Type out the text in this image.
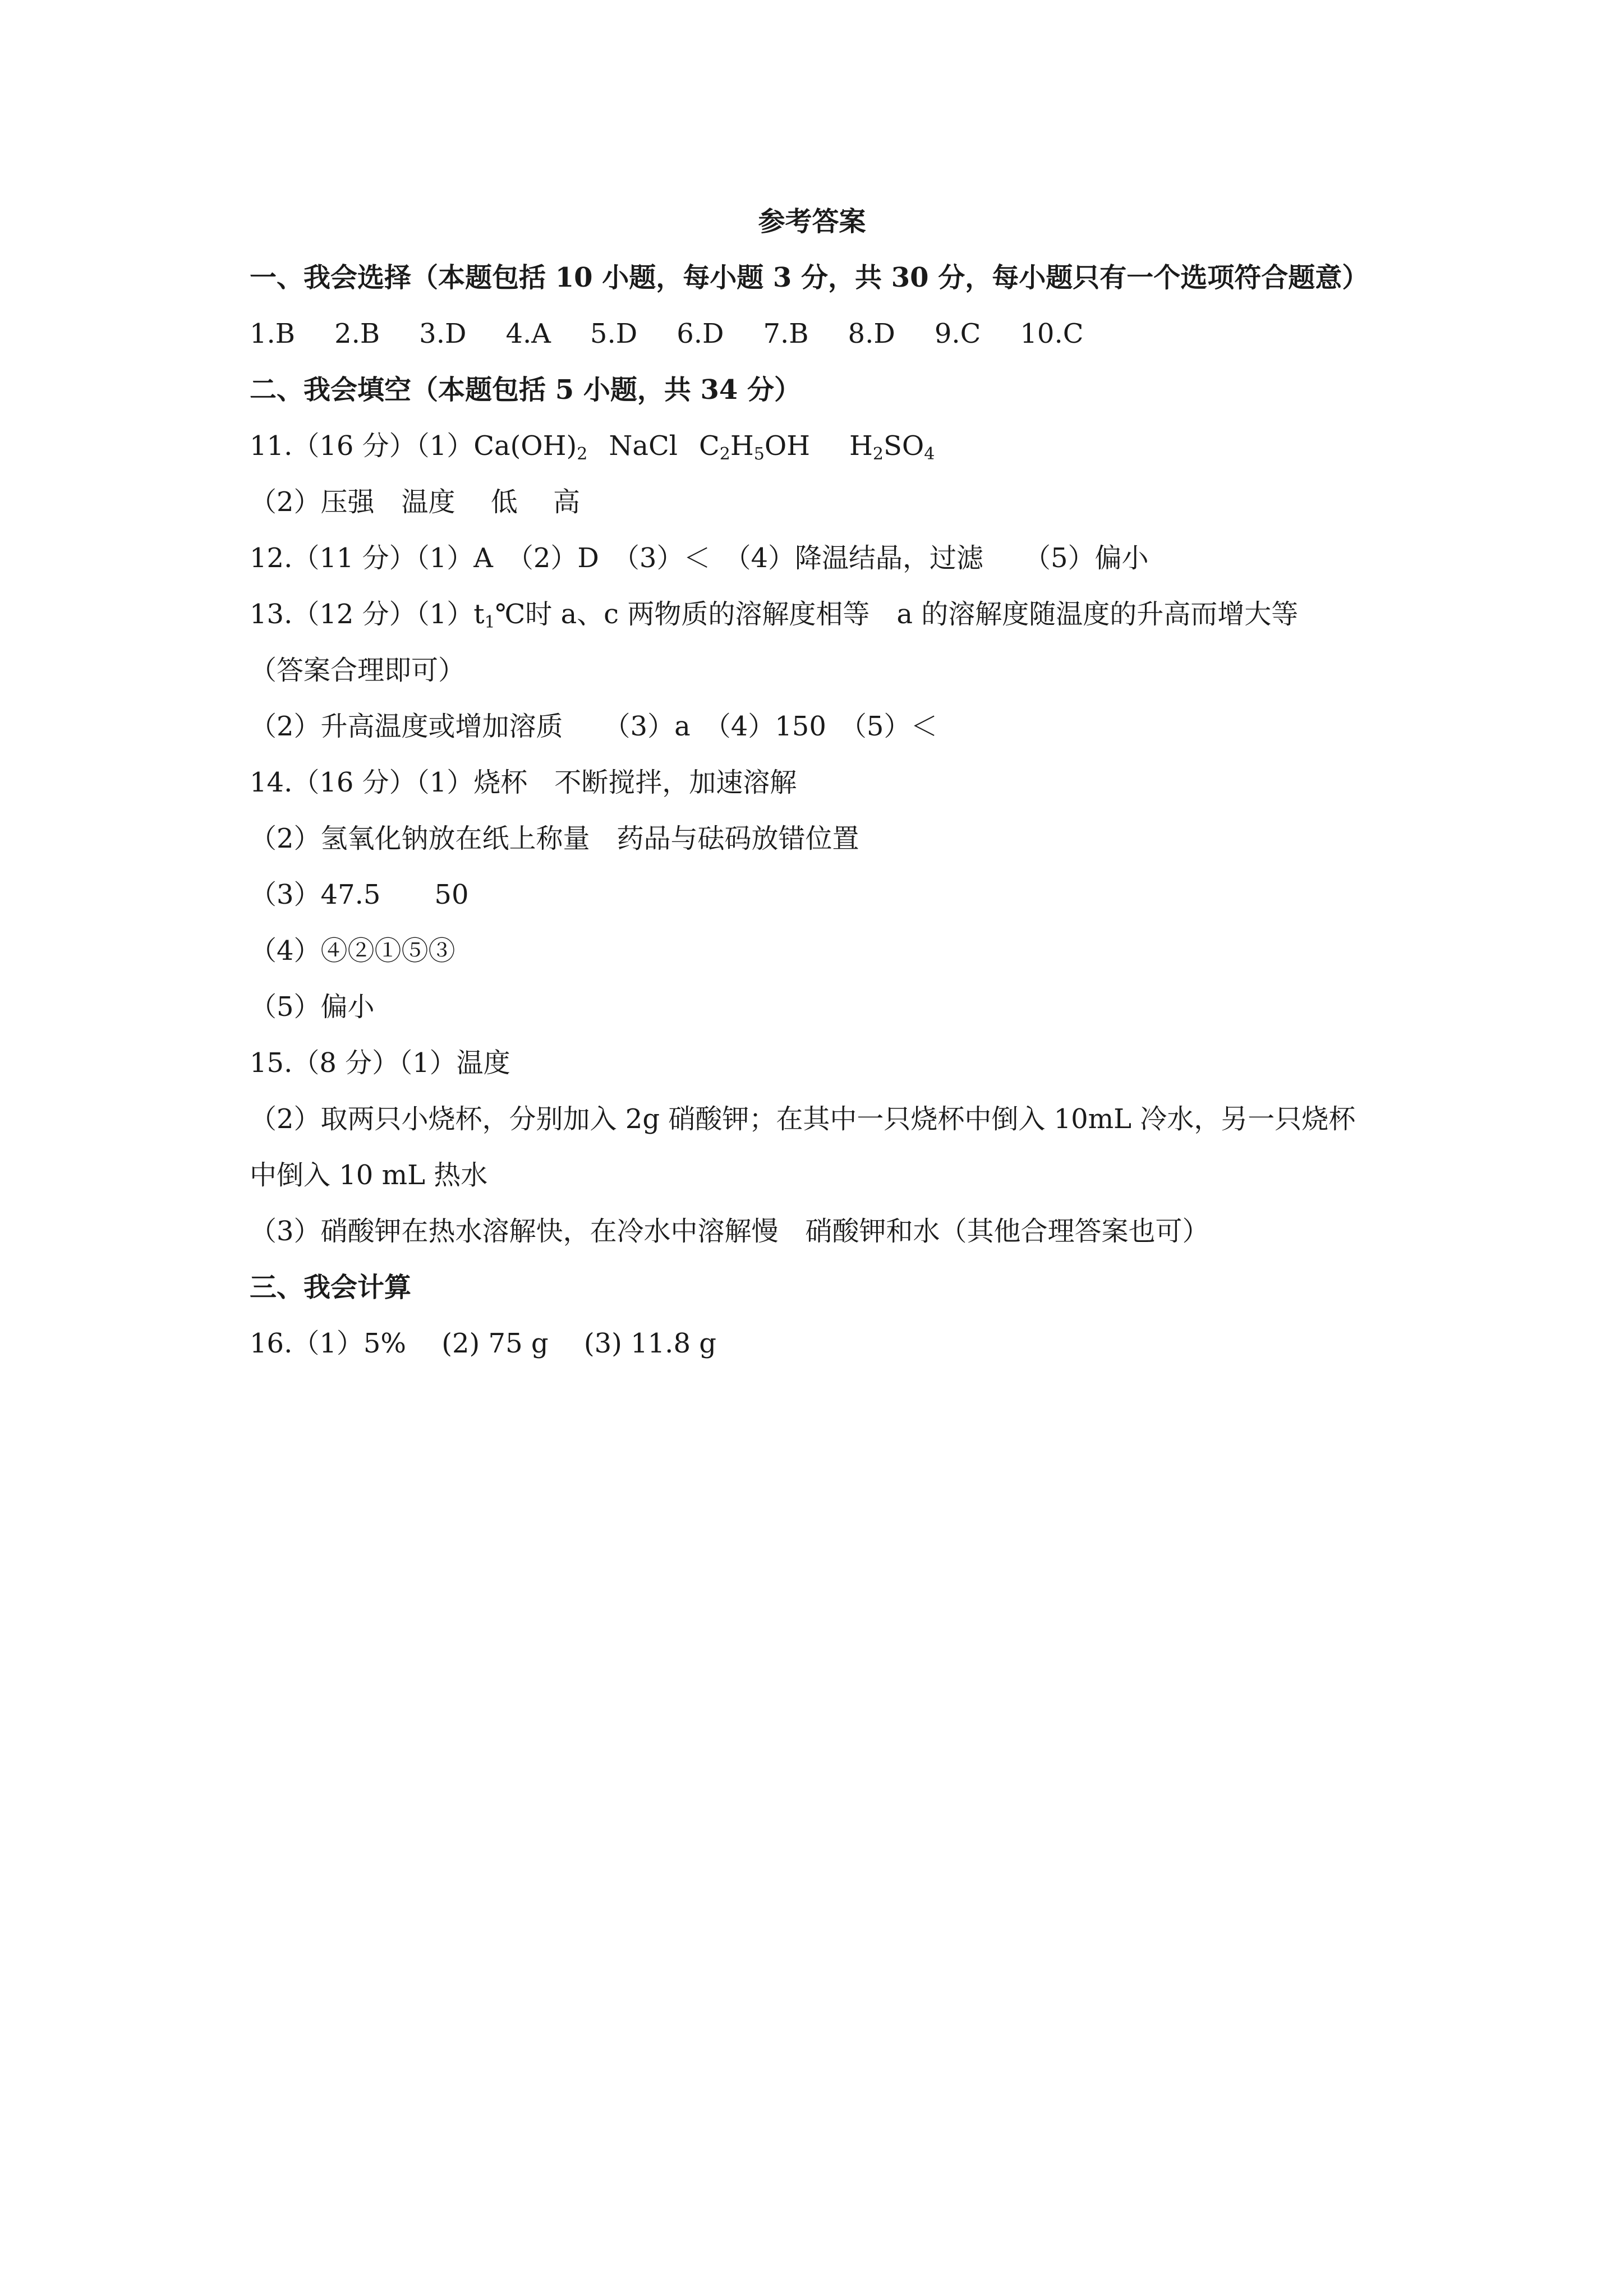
参考答案
一、我会选择（本题包括 10 小题，每小题 3 分，共 30 分，每小题只有一个选项符合题意）
1.B 2.B 3.D 4.A 5.D 6.D 7.B 8.D 9.C 10.C
二、我会填空（本题包括 5 小题，共 34 分）
11.（16 分）$(1)Ca(OH)_2$ NaCl $C_2H_5OH$ $H_2SO_4$
（2）压强　温度　 低　 高
12.（11 分）（1）A　（2）D　（3）＜　（4）降温结晶，过滤　　（5）偏小
13.（12 分）$(1)t_1℃$时 a、c 两物质的溶解度相等　a 的溶解度随温度的升高而增大等
（答案合理即可）
（2）升高温度或增加溶质　　（3）a　（4）150　（5）＜
14.（16 分）（1）烧杯　不断搅拌，加速溶解
（2）氢氧化钠放在纸上称量　药品与砝码放错位置
（3）47.5　　50
（4）④②①⑤③
（5）偏小
15.（8 分）（1）温度
（2）取两只小烧杯，分别加入 2g 硝酸钾；在其中一只烧杯中倒入 10mL 冷水，另一只烧杯
中倒入 10 mL 热水
（3）硝酸钾在热水溶解快，在冷水中溶解慢　硝酸钾和水（其他合理答案也可）
三、我会计算
16.（1）5%　 (2) 75 g　 (3) 11.8 g
